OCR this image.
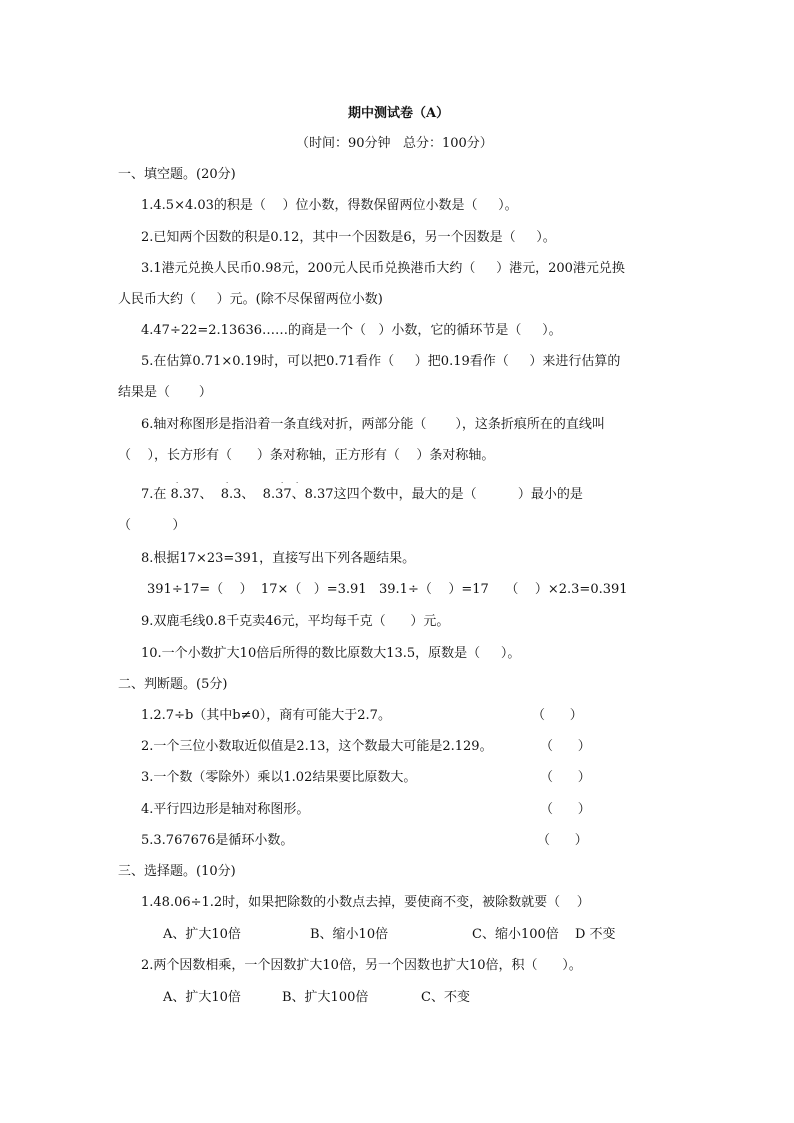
期中测试卷（A）
（时间：90分钟   总分：100分）
一、填空题。(20分)
1.4.5×4.03的积是（    ）位小数，得数保留两位小数是（     ）。
2.已知两个因数的积是0.12，其中一个因数是6，另一个因数是（     ）。
3.1港元兑换人民币0.98元，200元人民币兑换港币大约（     ）港元，200港元兑换
人民币大约（     ）元。(除不尽保留两位小数)
4.47÷22=2.13636……的商是一个（   ）小数，它的循环节是（     ）。
5.在估算0.71×0.19时，可以把0.71看作（     ）把0.19看作（     ）来进行估算的
结果是（       ）
6.轴对称图形是指沿着一条直线对折，两部分能（       ），这条折痕所在的直线叫
（    ），长方形有（      ）条对称轴，正方形有（    ）条对称轴。
·	·	· ·
7.在 8.37、  8.3、  8.37、8.37这四个数中，最大的是（          ）最小的是
（          ）
8.根据17×23=391，直接写出下列各题结果。
391÷17=（    ）  17×（   ）=3.91   39.1÷（    ）=17    （    ）×2.3=0.391
9.双鹿毛线0.8千克卖46元，平均每千克（      ）元。
10.一个小数扩大10倍后所得的数比原数大13.5，原数是（     ）。
二、判断题。(5分)
1.2.7÷b（其中b≠0），商有可能大于2.7。	（      ）
2.一个三位小数取近似值是2.13，这个数最大可能是2.129。	（      ）
3.一个数（零除外）乘以1.02结果要比原数大。	（      ）
4.平行四边形是轴对称图形。	（      ）
5.3.767676是循环小数。	（      ）
三、选择题。(10分)
1.48.06÷1.2时，如果把除数的小数点去掉，要使商不变，被除数就要（    ）
A、扩大10倍	B、缩小10倍	C、缩小100倍 D 不变
2.两个因数相乘，一个因数扩大10倍，另一个因数也扩大10倍，积（      ）。
A、扩大10倍	B、扩大100倍	C、不变
